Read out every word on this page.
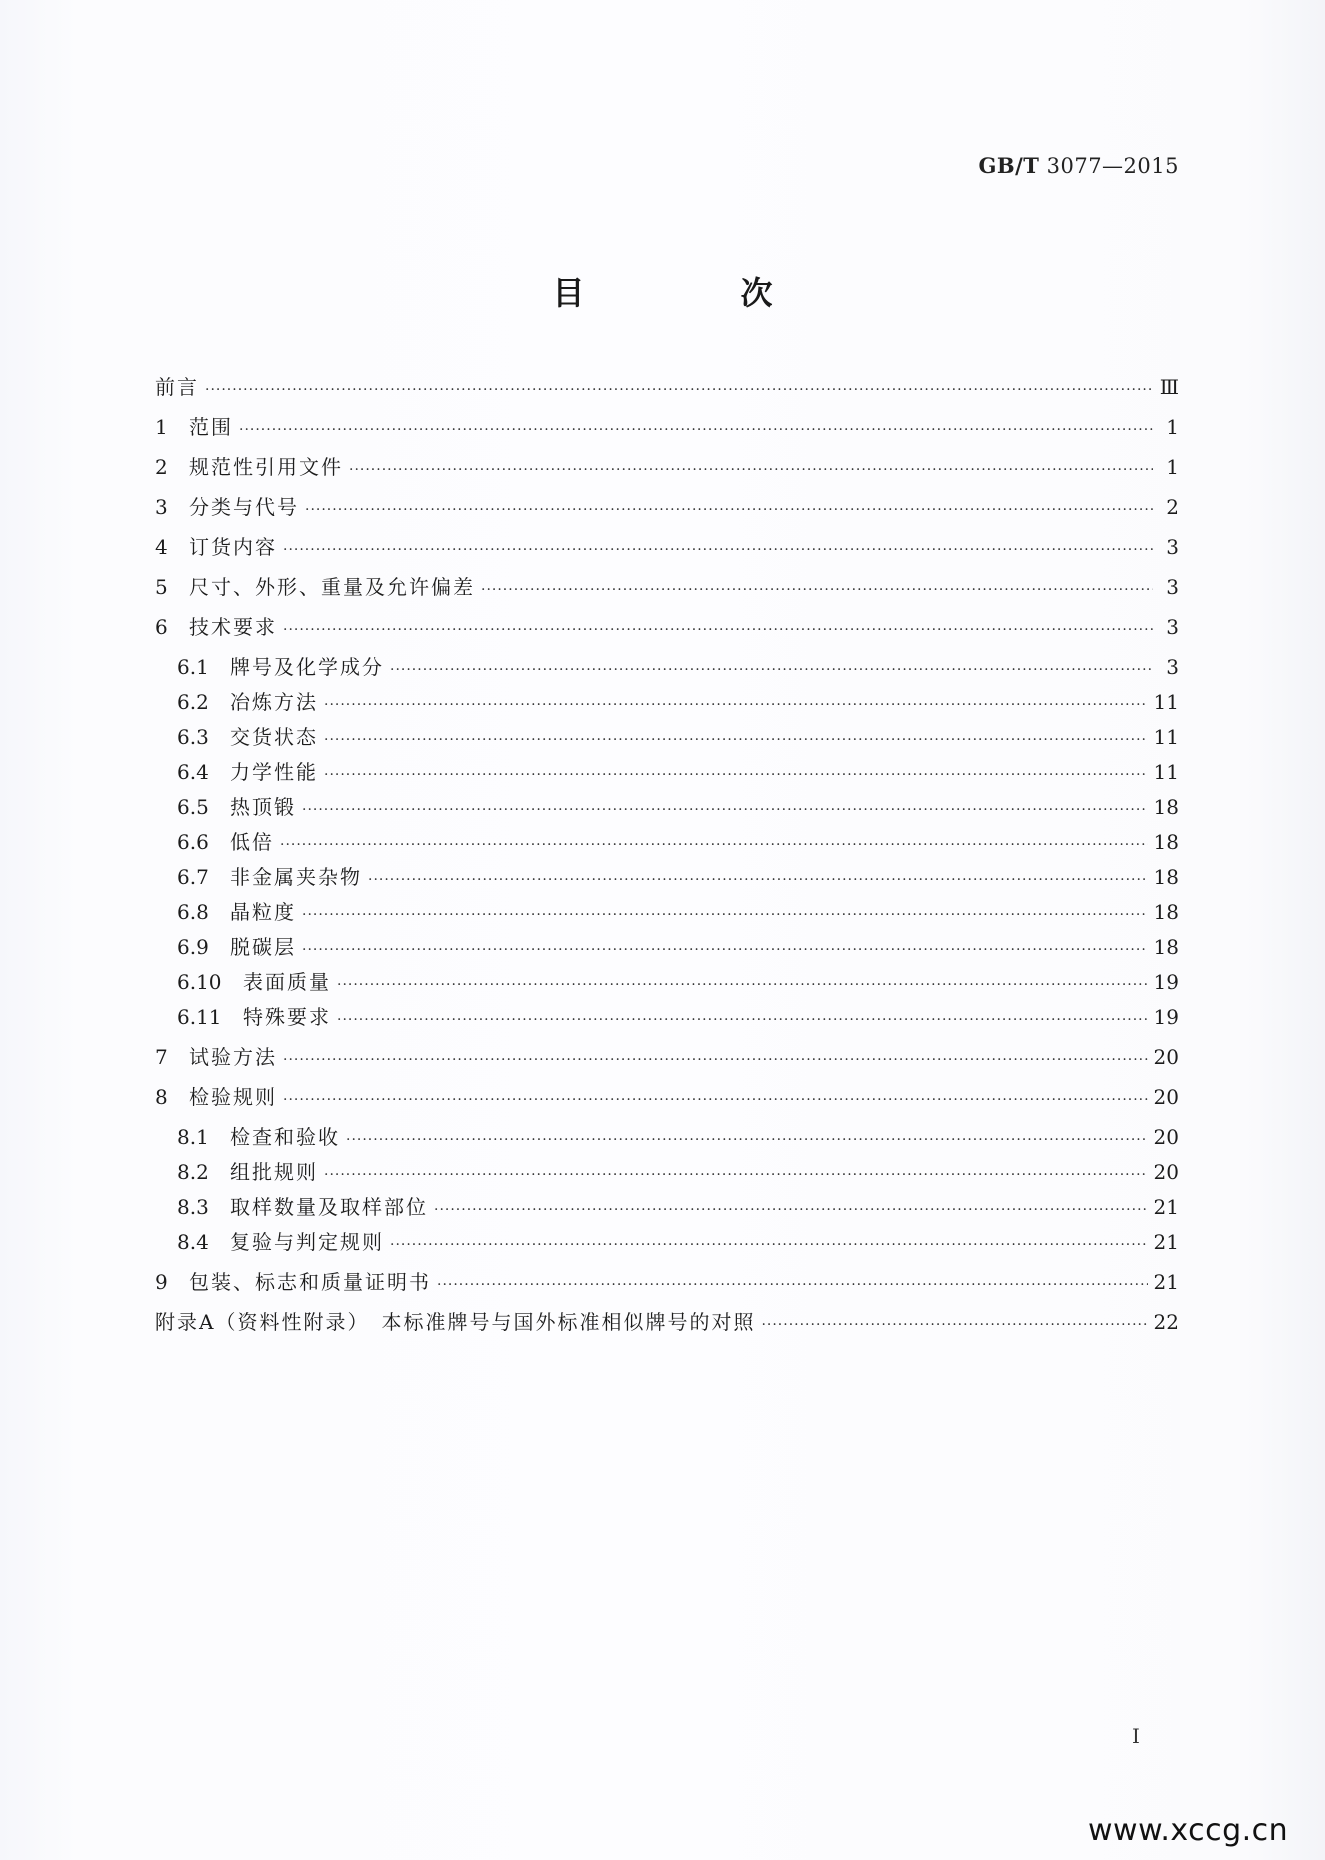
GB/T 3077—2015
目　次
前言 ·····	Ⅲ
1 范围 ·····	1
2 规范性引用文件 ·····	1
3 分类与代号 ·····	2
4 订货内容 ·····	3
5 尺寸、外形、重量及允许偏差 ·····	3
6 技术要求 ·····	3
6.1 牌号及化学成分 ·····	3
6.2 冶炼方法 ·····	11
6.3 交货状态 ·····	11
6.4 力学性能 ·····	11
6.5 热顶锻 ·····	18
6.6 低倍 ·····	18
6.7 非金属夹杂物 ·····	18
6.8 晶粒度 ·····	18
6.9 脱碳层 ·····	18
6.10 表面质量 ·····	19
6.11 特殊要求 ·····	19
7 试验方法 ·····	20
8 检验规则 ·····	20
8.1 检查和验收 ·····	20
8.2 组批规则 ·····	20
8.3 取样数量及取样部位 ·····	21
8.4 复验与判定规则 ·····	21
9 包装、标志和质量证明书 ·····	21
附录A（资料性附录）　本标准牌号与国外标准相似牌号的对照 ·····	22
I
www.xccg.cn
